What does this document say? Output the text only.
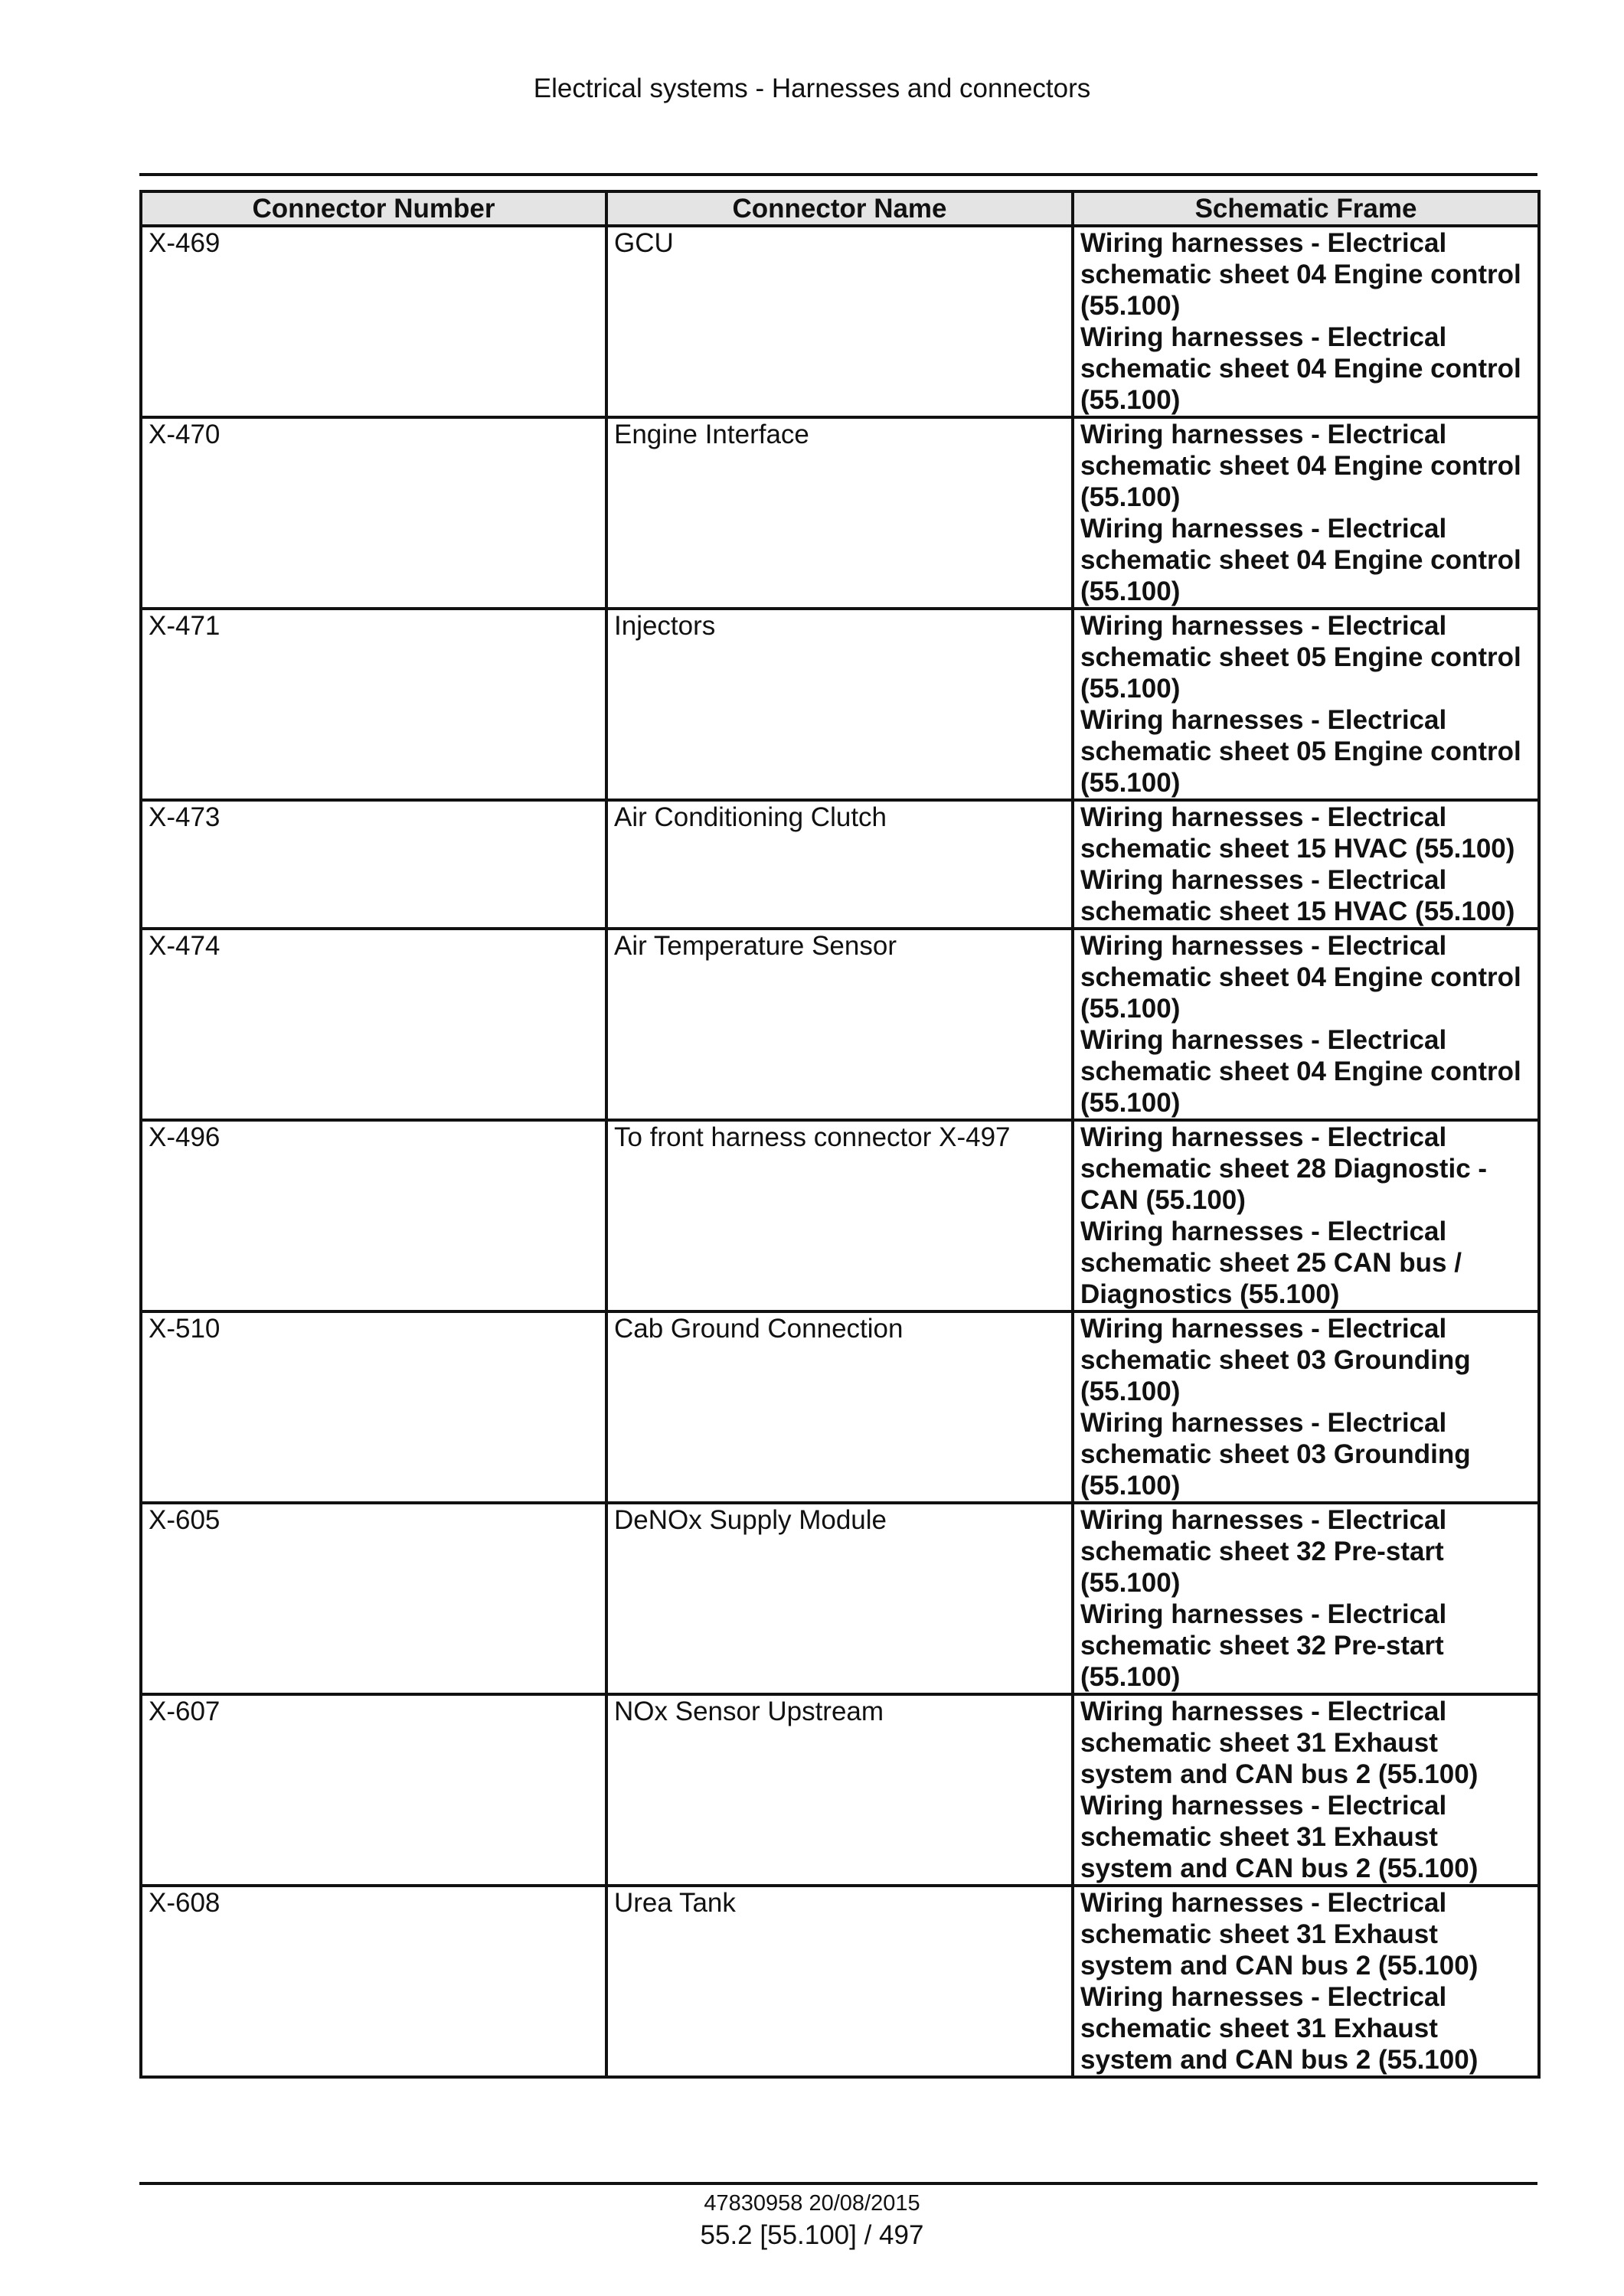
Electrical systems - Harnesses and connectors
Connector Number	Connector Name	Schematic Frame
X-469	GCU	Wiring harnesses - Electrical schematic sheet 04 Engine control (55.100)
Wiring harnesses - Electrical schematic sheet 04 Engine control (55.100)

X-470	Engine Interface	Wiring harnesses - Electrical schematic sheet 04 Engine control (55.100)
Wiring harnesses - Electrical schematic sheet 04 Engine control (55.100)

X-471	Injectors	Wiring harnesses - Electrical schematic sheet 05 Engine control (55.100)
Wiring harnesses - Electrical schematic sheet 05 Engine control (55.100)

X-473	Air Conditioning Clutch	Wiring harnesses - Electrical schematic sheet 15 HVAC (55.100)
Wiring harnesses - Electrical schematic sheet 15 HVAC (55.100)

X-474	Air Temperature Sensor	Wiring harnesses - Electrical schematic sheet 04 Engine control (55.100)
Wiring harnesses - Electrical schematic sheet 04 Engine control (55.100)

X-496	To front harness connector X-497	Wiring harnesses - Electrical schematic sheet 28 Diagnostic - CAN (55.100)
Wiring harnesses - Electrical schematic sheet 25 CAN bus / Diagnostics (55.100)

X-510	Cab Ground Connection	Wiring harnesses - Electrical schematic sheet 03 Grounding (55.100)
Wiring harnesses - Electrical schematic sheet 03 Grounding (55.100)

X-605	DeNOx Supply Module	Wiring harnesses - Electrical schematic sheet 32 Pre-start (55.100)
Wiring harnesses - Electrical schematic sheet 32 Pre-start (55.100)

X-607	NOx Sensor Upstream	Wiring harnesses - Electrical schematic sheet 31 Exhaust system and CAN bus 2 (55.100)
Wiring harnesses - Electrical schematic sheet 31 Exhaust system and CAN bus 2 (55.100)

X-608	Urea Tank	Wiring harnesses - Electrical schematic sheet 31 Exhaust system and CAN bus 2 (55.100)
Wiring harnesses - Electrical schematic sheet 31 Exhaust system and CAN bus 2 (55.100)
47830958 20/08/2015
55.2 [55.100] / 497
